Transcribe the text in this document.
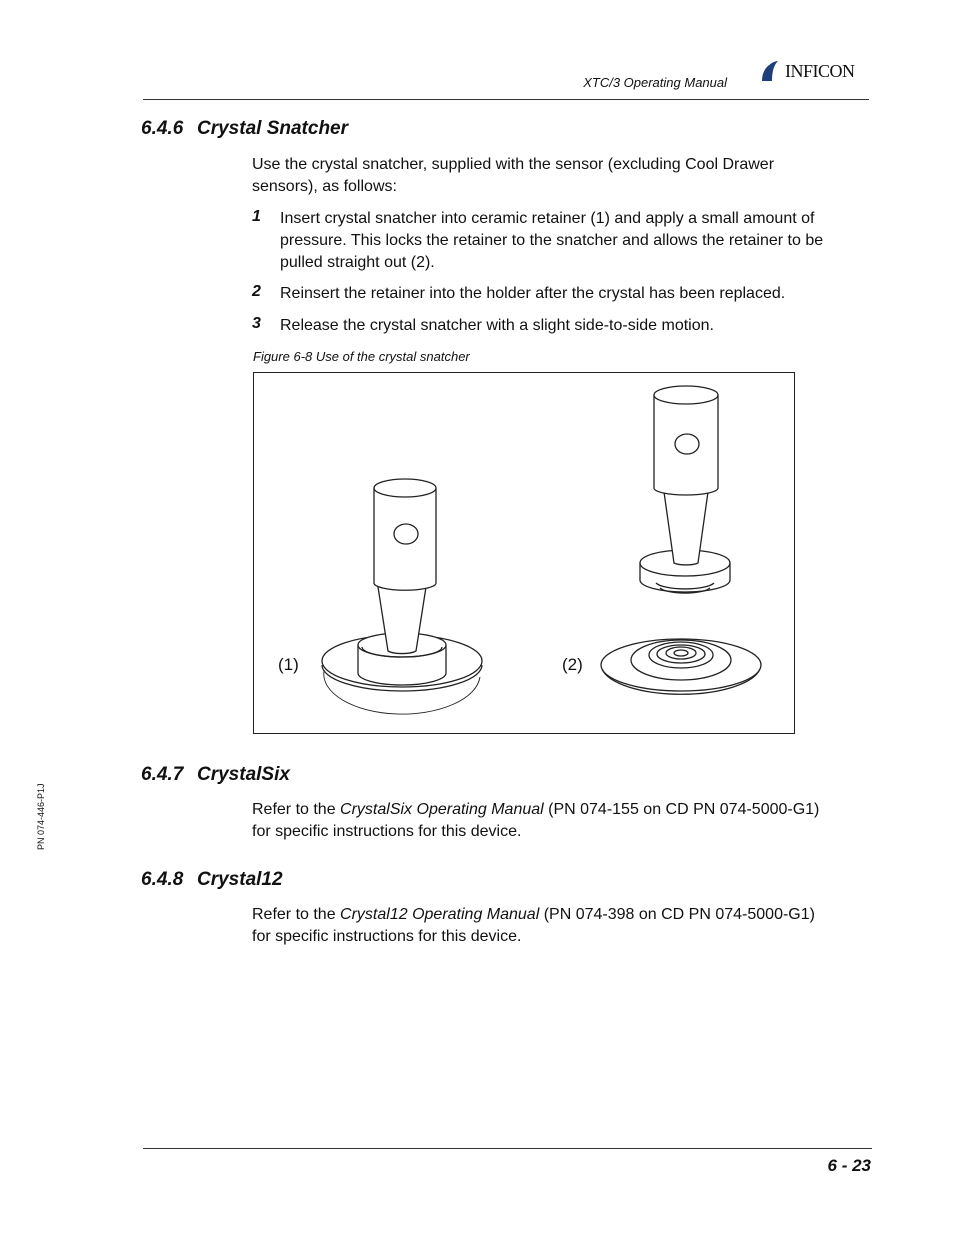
XTC/3 Operating Manual
INFICON
6.4.6 Crystal Snatcher
Use the crystal snatcher, supplied with the sensor (excluding Cool Drawer sensors), as follows:
1 Insert crystal snatcher into ceramic retainer (1) and apply a small amount of
pressure. This locks the retainer to the snatcher and allows the retainer to be
pulled straight out (2).
2 Reinsert the retainer into the holder after the crystal has been replaced.
3 Release the crystal snatcher with a slight side-to-side motion.
Figure 6-8 Use of the crystal snatcher
(1)	(2)
6.4.7 CrystalSix
Refer to the CrystalSix Operating Manual (PN 074-155 on CD PN 074-5000-G1)
for specific instructions for this device.
6.4.8 Crystal12
Refer to the Crystal12 Operating Manual (PN 074-398 on CD PN 074-5000-G1)
for specific instructions for this device.
PN 074-446-P1J
6 - 23
